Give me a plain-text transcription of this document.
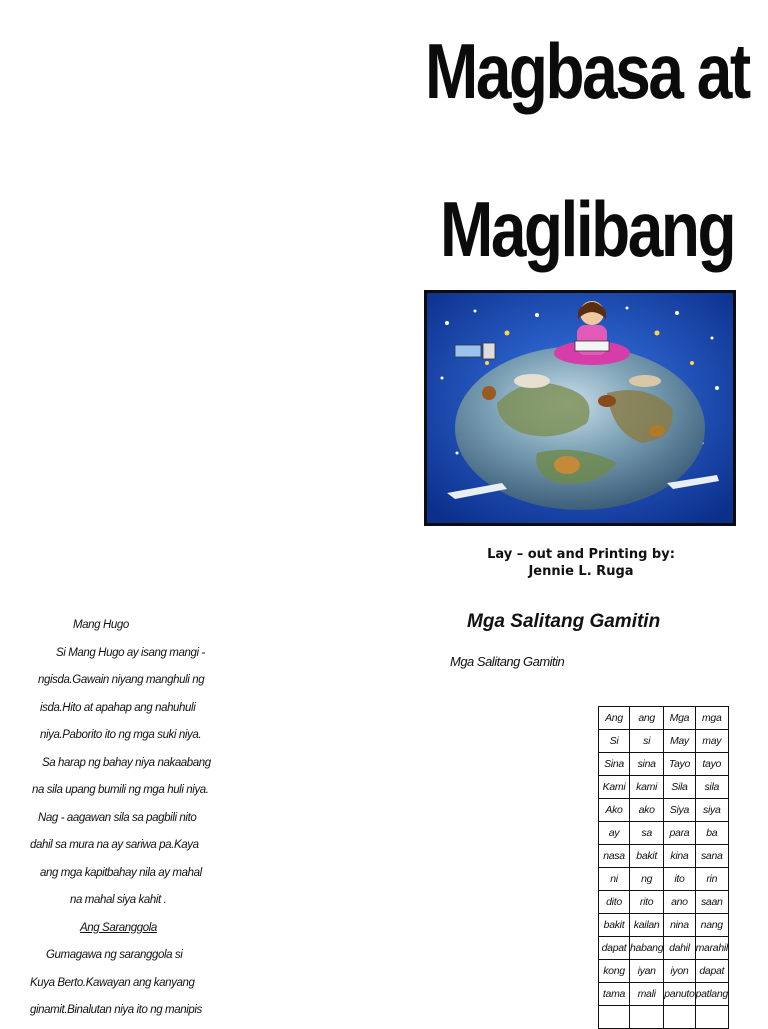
Magbasa at
Maglibang
Lay – out and Printing by:
Jennie L. Ruga
Mang Hugo
Si Mang Hugo ay isang mangi -
ngisda.Gawain niyang manghuli ng
isda.Hito at apahap ang nahuhuli
niya.Paborito ito ng mga suki niya.
Sa harap ng bahay niya nakaabang
na sila upang bumili ng mga huli niya.
Nag - aagawan sila sa pagbili nito
dahil sa mura na ay sariwa pa.Kaya
ang mga kapitbahay nila ay mahal
na mahal siya kahit .
Ang Saranggola
Gumagawa ng saranggola si
Kuya Berto.Kawayan ang kanyang
ginamit.Binalutan niya ito ng manipis
Mga Salitang Gamitin
Mga Salitang Gamitin
Ang	ang	Mga	mga
Si	si	May	may
Sina	sina	Tayo	tayo
Kami	kami	Sila	sila
Ako	ako	Siya	siya
ay	sa	para	ba
nasa	bakit	kina	sana
ni	ng	ito	rin
dito	rito	ano	saan
bakit	kailan	nina	nang
dapat	habang	dahil	marahil
kong	iyan	iyon	dapat
tama	mali	panuto	patlang
